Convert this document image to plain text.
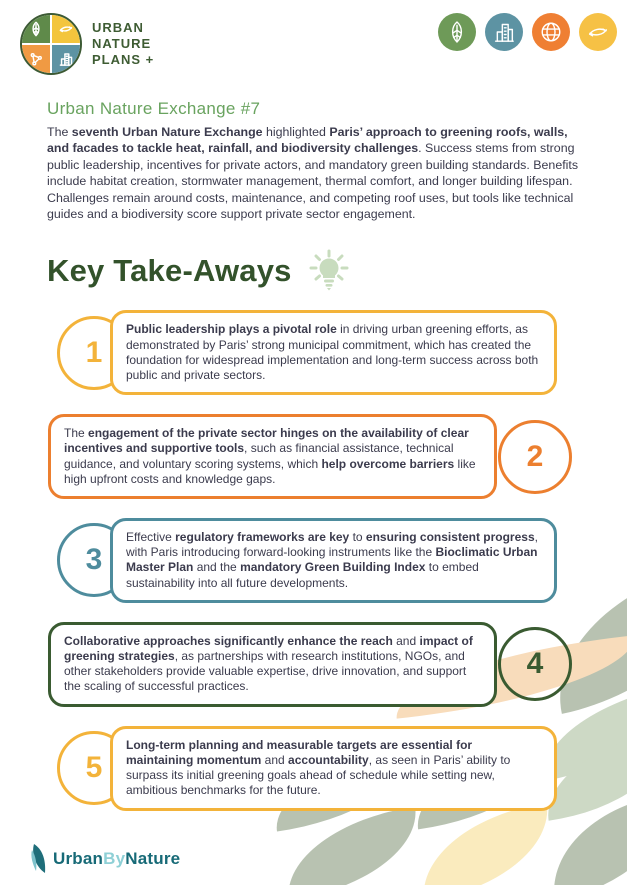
URBAN
NATURE
PLANS +
Urban Nature Exchange #7

The seventh Urban Nature Exchange highlighted Paris’ approach to greening roofs, walls, and facades to tackle heat, rainfall, and biodiversity challenges. Success stems from strong public leadership, incentives for private actors, and mandatory green building standards. Benefits include habitat creation, stormwater management, thermal comfort, and longer building lifespan. Challenges remain around costs, maintenance, and competing roof uses, but tools like technical guides and a biodiversity score support private sector engagement.

Key Take-Aways
1

Public leadership plays a pivotal role in driving urban greening efforts, as demonstrated by Paris’ strong municipal commitment, which has created the foundation for widespread implementation and long-term success across both public and private sectors.

2

The engagement of the private sector hinges on the availability of clear incentives and supportive tools, such as financial assistance, technical guidance, and voluntary scoring systems, which help overcome barriers like high upfront costs and knowledge gaps.

3

Effective regulatory frameworks are key to ensuring consistent progress, with Paris introducing forward-looking instruments like the Bioclimatic Urban Master Plan and the mandatory Green Building Index to embed sustainability into all future developments.

4

Collaborative approaches significantly enhance the reach and impact of greening strategies, as partnerships with research institutions, NGOs, and other stakeholders provide valuable expertise, drive innovation, and support the scaling of successful practices.

5

Long-term planning and measurable targets are essential for maintaining momentum and accountability, as seen in Paris’ ability to surpass its initial greening goals ahead of schedule while setting new, ambitious benchmarks for the future.

UrbanByNature
